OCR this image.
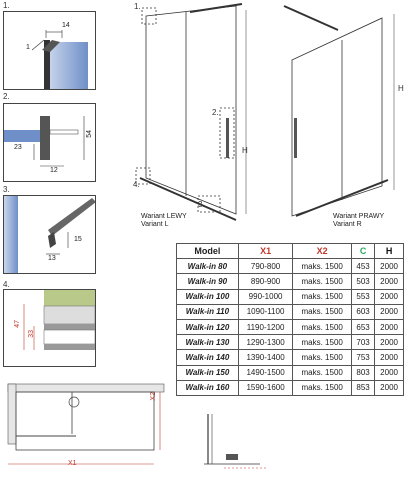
1.
14
1
2.
23
54
12
3.
15
13
4.
47
33
1.
2.
3.
4.
H
H
Wariant LEWY
Variant L
Wariant PRAWY
Variant R
Model	X1	X2	C	H
Walk-in 80	790-800	maks. 1500	453	2000
Walk-in 90	890-900	maks. 1500	503	2000
Walk-in 100	990-1000	maks. 1500	553	2000
Walk-in 110	1090-1100	maks. 1500	603	2000
Walk-in 120	1190-1200	maks. 1500	653	2000
Walk-in 130	1290-1300	maks. 1500	703	2000
Walk-in 140	1390-1400	maks. 1500	753	2000
Walk-in 150	1490-1500	maks. 1500	803	2000
Walk-in 160	1590-1600	maks. 1500	853	2000
X1
X2
